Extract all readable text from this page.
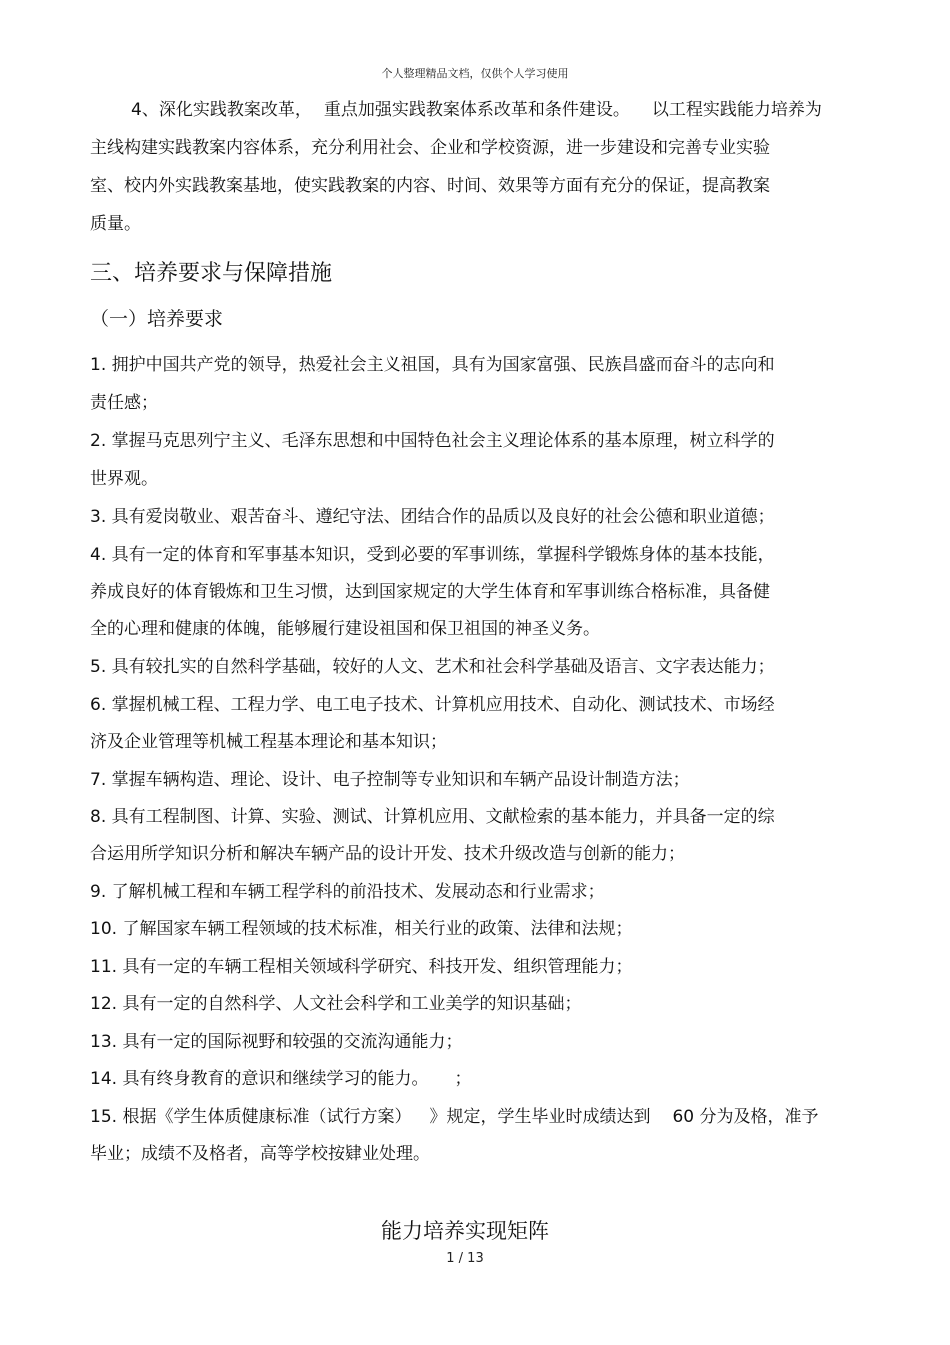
个人整理精品文档，仅供个人学习使用
4、深化实践教案改革， 重点加强实践教案体系改革和条件建设。 以工程实践能力培养为
主线构建实践教案内容体系，充分利用社会、企业和学校资源，进一步建设和完善专业实验
室、校内外实践教案基地，使实践教案的内容、时间、效果等方面有充分的保证，提高教案
质量。
三、培养要求与保障措施
（一）培养要求
1. 拥护中国共产党的领导，热爱社会主义祖国，具有为国家富强、民族昌盛而奋斗的志向和
责任感；
2. 掌握马克思列宁主义、毛泽东思想和中国特色社会主义理论体系的基本原理，树立科学的
世界观。
3. 具有爱岗敬业、艰苦奋斗、遵纪守法、团结合作的品质以及良好的社会公德和职业道德；
4. 具有一定的体育和军事基本知识，受到必要的军事训练，掌握科学锻炼身体的基本技能，
养成良好的体育锻炼和卫生习惯，达到国家规定的大学生体育和军事训练合格标准，具备健
全的心理和健康的体魄，能够履行建设祖国和保卫祖国的神圣义务。
5. 具有较扎实的自然科学基础，较好的人文、艺术和社会科学基础及语言、文字表达能力；
6. 掌握机械工程、工程力学、电工电子技术、计算机应用技术、自动化、测试技术、市场经
济及企业管理等机械工程基本理论和基本知识；
7. 掌握车辆构造、理论、设计、电子控制等专业知识和车辆产品设计制造方法；
8. 具有工程制图、计算、实验、测试、计算机应用、文献检索的基本能力，并具备一定的综
合运用所学知识分析和解决车辆产品的设计开发、技术升级改造与创新的能力；
9. 了解机械工程和车辆工程学科的前沿技术、发展动态和行业需求；
10. 了解国家车辆工程领域的技术标准，相关行业的政策、法律和法规；
11. 具有一定的车辆工程相关领域科学研究、科技开发、组织管理能力；
12. 具有一定的自然科学、人文社会科学和工业美学的知识基础；
13. 具有一定的国际视野和较强的交流沟通能力；
14. 具有终身教育的意识和继续学习的能力。 ；
15. 根据《学生体质健康标准（试行方案） 》规定，学生毕业时成绩达到 60 分为及格，准予
毕业；成绩不及格者，高等学校按肄业处理。
能力培养实现矩阵
1 / 13
